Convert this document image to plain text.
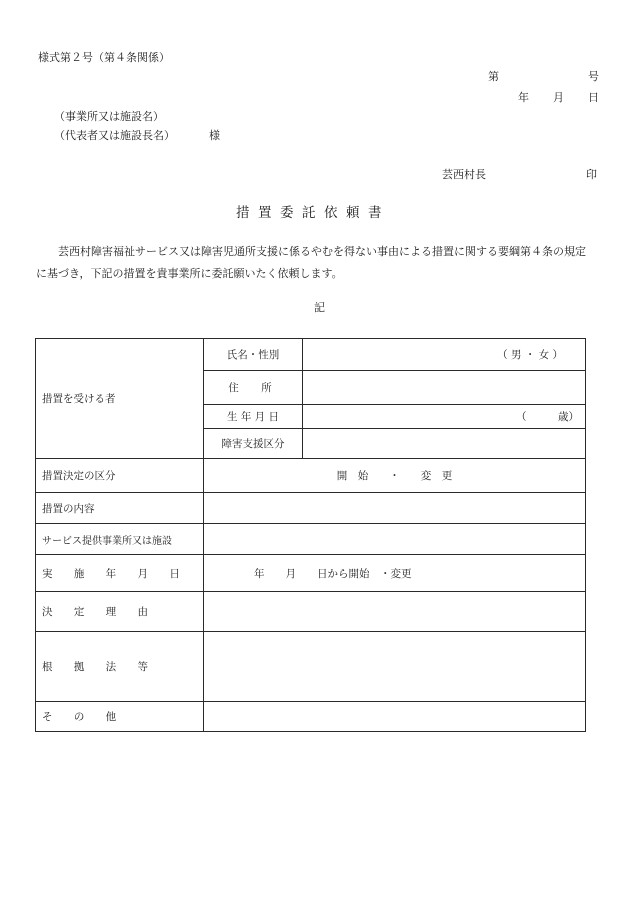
様式第２号（第４条関係）
第	号
年 月 日
（事業所又は施設名）
（代表者又は施設長名）	様
芸西村長	印
措置委託依頼書
芸西村障害福祉サービス又は障害児通所支援に係るやむを得ない事由による措置に関する要綱第４条の規定に基づき，下記の措置を貴事業所に委託願いたく依頼します。
記
措置を受ける者	氏名・性別	（ 男 ・ 女 ）

	住　所	
	生 年 月 日	（　　　歳）

	障害支援区分	
措置決定の区分	開　始　　・　　変　更	
措置の内容		
サービス提供事業所又は施設		
実 施 年 月 日	年　　月　　日から開始　・変更	
決 定 理 由		
根 拠 法 等		
そ の 他		
